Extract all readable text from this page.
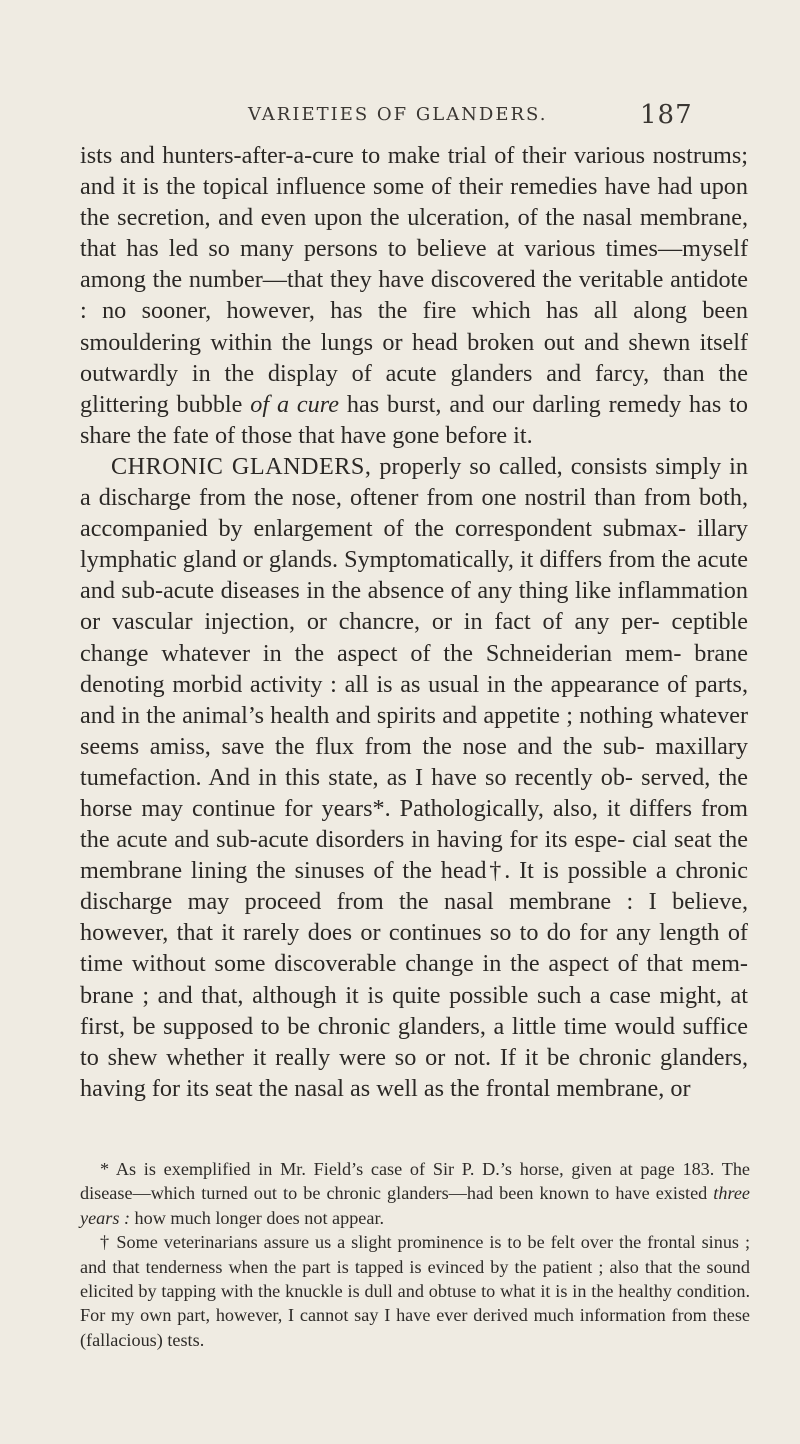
VARIETIES OF GLANDERS.	187

ists and hunters-after-a-cure to make trial of their various nostrums; and it is the topical influence some of their remedies have had upon the secretion, and even upon the ulceration, of the nasal membrane, that has led so many persons to believe at various times—myself among the number—that they have discovered the veritable antidote : no sooner, however, has the fire which has all along been smouldering within the lungs or head broken out and shewn itself outwardly in the display of acute glanders and farcy, than the glittering bubble of a cure has burst, and our darling remedy has to share the fate of those that have gone before it.

CHRONIC GLANDERS, properly so called, consists simply in a discharge from the nose, oftener from one nostril than from both, accompanied by enlargement of the correspondent submax- illary lymphatic gland or glands. Symptomatically, it differs from the acute and sub-acute diseases in the absence of any thing like inflammation or vascular injection, or chancre, or in fact of any per- ceptible change whatever in the aspect of the Schneiderian mem- brane denoting morbid activity : all is as usual in the appearance of parts, and in the animal’s health and spirits and appetite ; nothing whatever seems amiss, save the flux from the nose and the sub- maxillary tumefaction. And in this state, as I have so recently ob- served, the horse may continue for years*. Pathologically, also, it differs from the acute and sub-acute disorders in having for its espe- cial seat the membrane lining the sinuses of the head†. It is possible a chronic discharge may proceed from the nasal membrane : I believe, however, that it rarely does or continues so to do for any length of time without some discoverable change in the aspect of that mem- brane ; and that, although it is quite possible such a case might, at first, be supposed to be chronic glanders, a little time would suffice to shew whether it really were so or not. If it be chronic glanders, having for its seat the nasal as well as the frontal membrane, or

* As is exemplified in Mr. Field’s case of Sir P. D.’s horse, given at page 183. The disease—which turned out to be chronic glanders—had been known to have existed three years : how much longer does not appear.

† Some veterinarians assure us a slight prominence is to be felt over the frontal sinus ; and that tenderness when the part is tapped is evinced by the patient ; also that the sound elicited by tapping with the knuckle is dull and obtuse to what it is in the healthy condition. For my own part, however, I cannot say I have ever derived much information from these (fallacious) tests.
